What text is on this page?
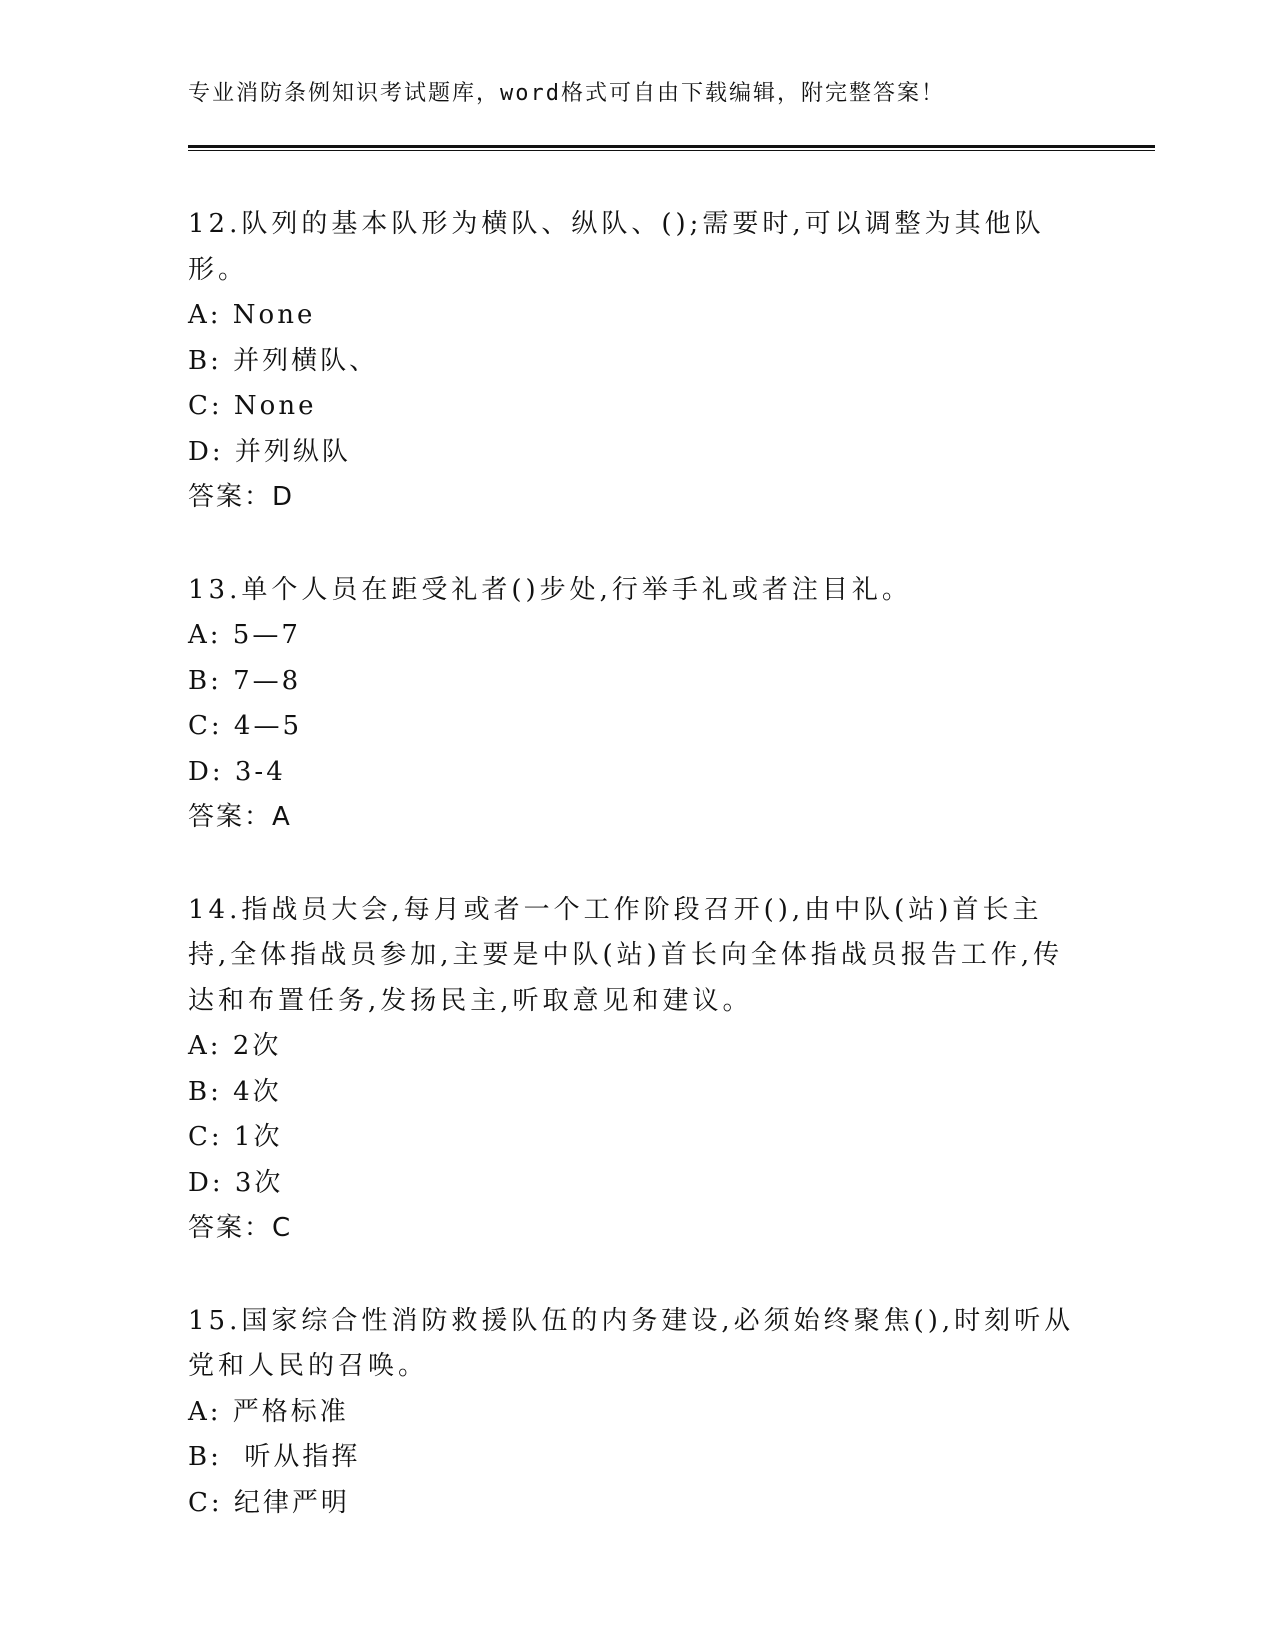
专业消防条例知识考试题库，word格式可自由下载编辑，附完整答案！

12.队列的基本队形为横队、纵队、();需要时,可以调整为其他队形。

A: None

B: 并列横队、

C: None

D: 并列纵队

答案：D

13.单个人员在距受礼者()步处,行举手礼或者注目礼。

A: 5—7

B: 7—8

C: 4—5

D: 3-4

答案：A

14.指战员大会,每月或者一个工作阶段召开(),由中队(站)首长主 持,全体指战员参加,主要是中队(站)首长向全体指战员报告工作,传达和布置任务,发扬民主,听取意见和建议。

A: 2次

B: 4次

C: 1次

D: 3次

答案：C

15.国家综合性消防救援队伍的内务建设,必须始终聚焦(),时刻听从党和人民的召唤。

A: 严格标准

B:  听从指挥

C: 纪律严明
